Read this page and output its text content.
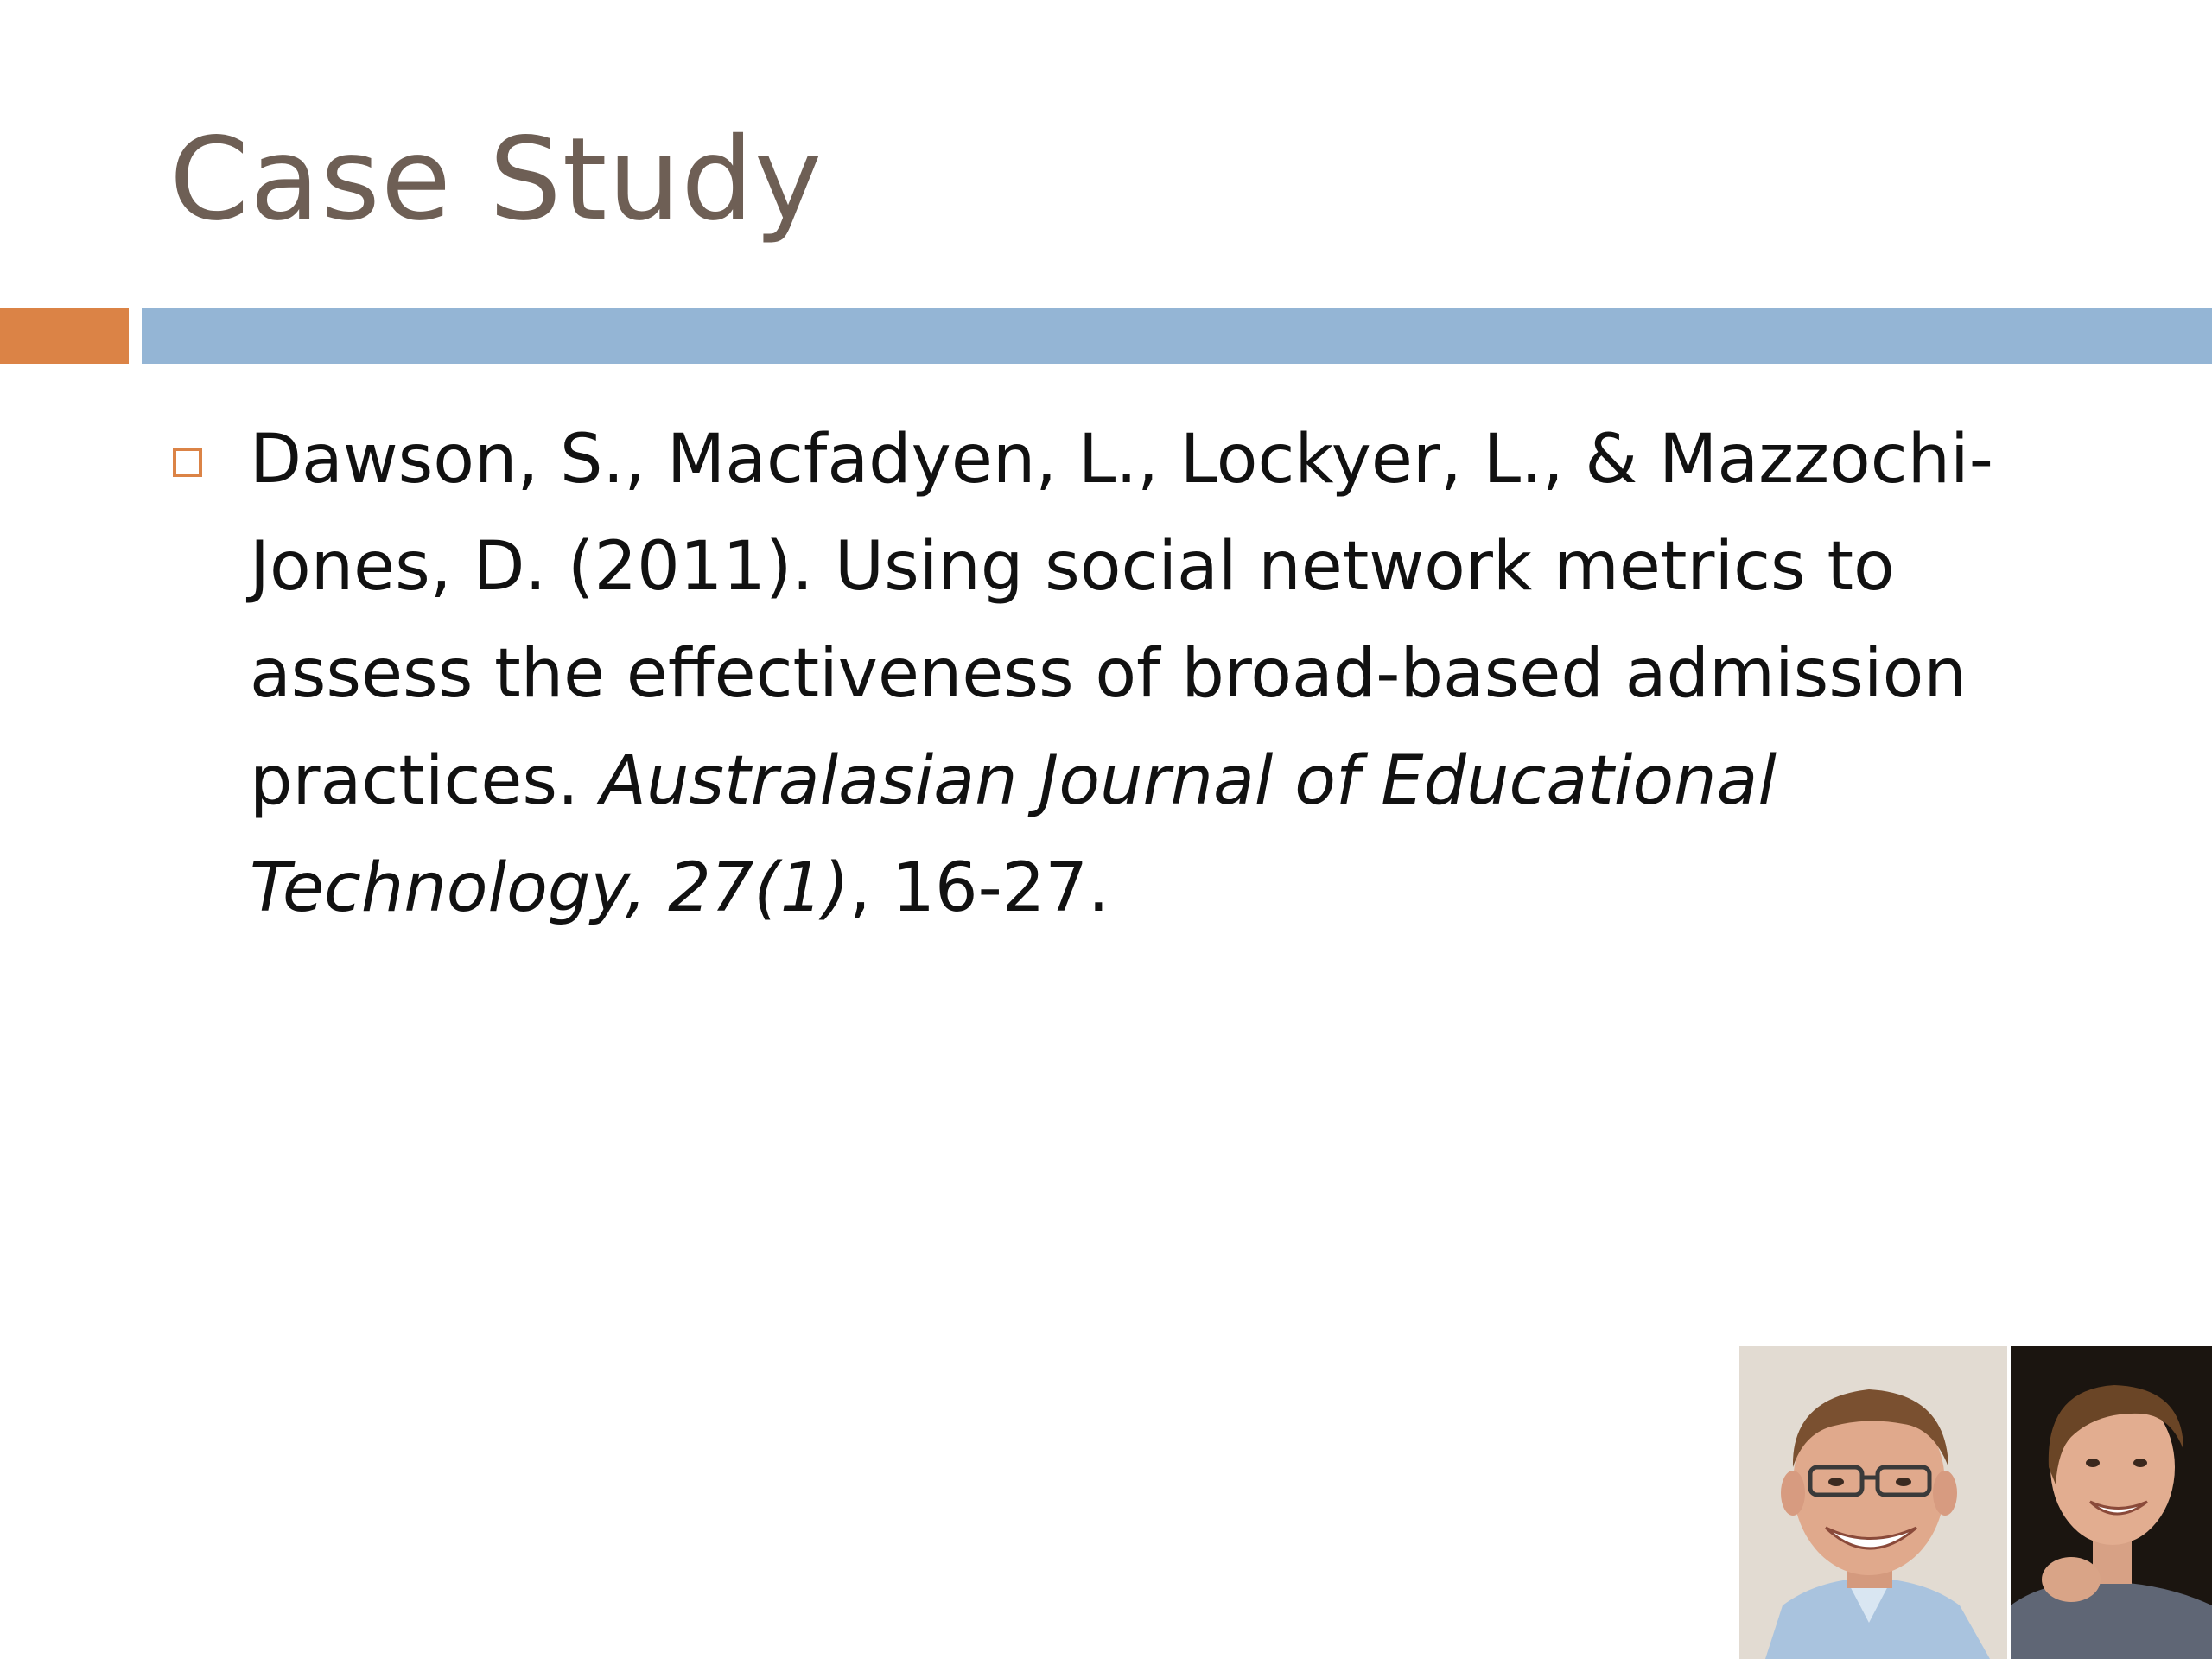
Case Study
Dawson, S., Macfadyen, L., Lockyer, L., & Mazzochi-Jones, D. (2011). Using social network metrics to assess the effectiveness of broad-based admission practices. Australasian Journal of Educational Technology, 27(1), 16-27.
